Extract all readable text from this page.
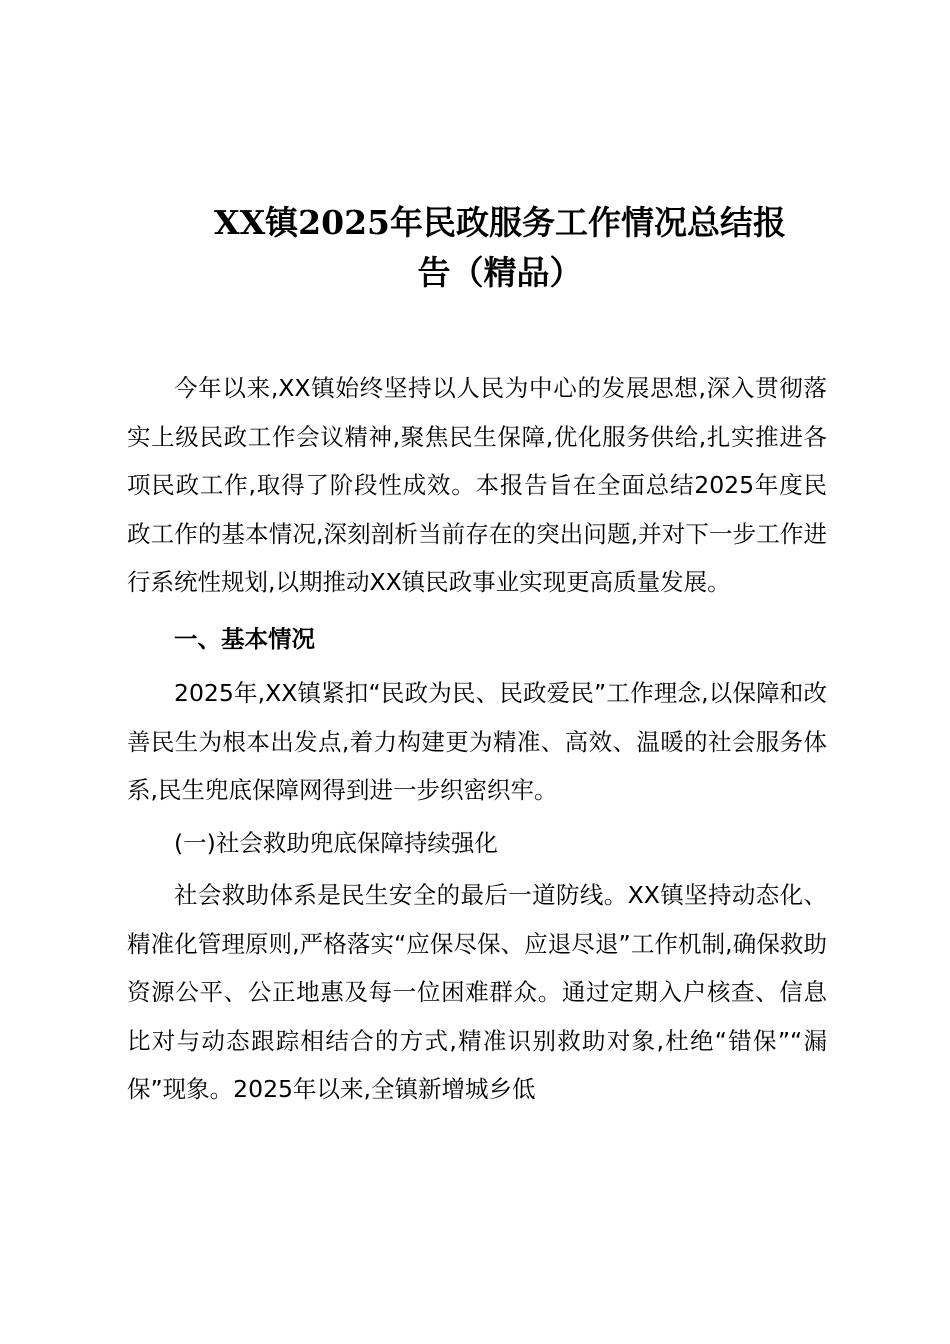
XX镇2025年民政服务工作情况总结报
告（精品）

今年以来,XX镇始终坚持以人民为中心的发展思想,深入贯彻落实上级民政工作会议精神,聚焦民生保障,优化服务供给,扎实推进各项民政工作,取得了阶段性成效。本报告旨在全面总结2025年度民政工作的基本情况,深刻剖析当前存在的突出问题,并对下一步工作进行系统性规划,以期推动XX镇民政事业实现更高质量发展。

一、基本情况

2025年,XX镇紧扣“民政为民、民政爱民”工作理念,以保障和改善民生为根本出发点,着力构建更为精准、高效、温暖的社会服务体系,民生兜底保障网得到进一步织密织牢。

(一)社会救助兜底保障持续强化

社会救助体系是民生安全的最后一道防线。XX镇坚持动态化、精准化管理原则,严格落实“应保尽保、应退尽退”工作机制,确保救助资源公平、公正地惠及每一位困难群众。通过定期入户核查、信息比对与动态跟踪相结合的方式,精准识别救助对象,杜绝“错保”“漏保”现象。2025年以来,全镇新增城乡低
